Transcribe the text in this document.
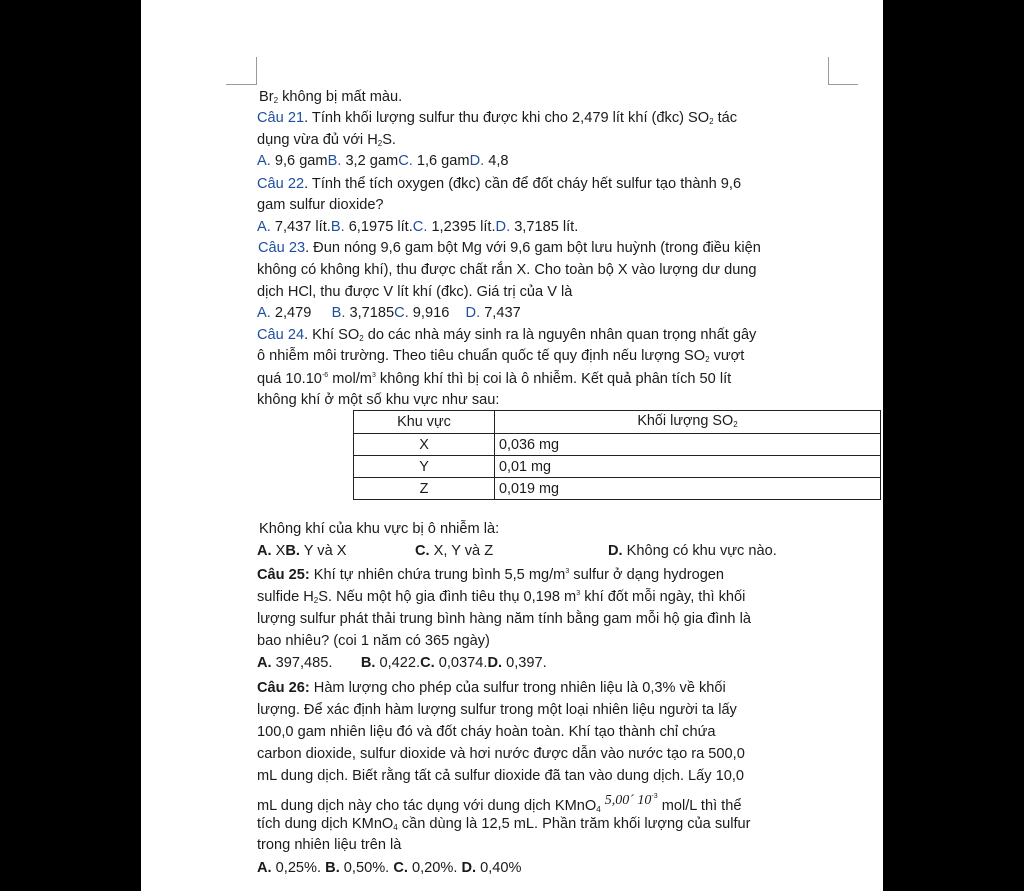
$Br_2$ không bị mất màu.
Câu 21. Tính khối lượng sulfur thu được khi cho 2,479 lít khí (đkc) $SO_2$ tác
dụng vừa đủ với $H_2S$.
A. 9,6 gamB. 3,2 gamC. 1,6 gamD. 4,8
Câu 22. Tính thể tích oxygen (đkc) cần để đốt cháy hết sulfur tạo thành 9,6
gam sulfur dioxide?
A. 7,437 lít.B. 6,1975 lít.C. 1,2395 lít.D. 3,7185 lít.
Câu 23. Đun nóng 9,6 gam bột Mg với 9,6 gam bột lưu huỳnh (trong điều kiện
không có không khí), thu được chất rắn X. Cho toàn bộ X vào lượng dư dung
dịch HCl, thu được V lít khí (đkc). Giá trị của V là
A. 2,479 B. 3,7185C. 9,916 D. 7,437
Câu 24. Khí $SO_2$ do các nhà máy sinh ra là nguyên nhân quan trọng nhất gây
ô nhiễm môi trường. Theo tiêu chuẩn quốc tế quy định nếu lượng $SO_2$ vượt
quá $10.10^{-6}$ mol/$m^3$ không khí thì bị coi là ô nhiễm. Kết quả phân tích 50 lít
không khí ở một số khu vực như sau:
Khu vực	Khối lượng $SO_2$
X	0,036 mg
Y	0,01 mg
Z	0,019 mg
Không khí của khu vực bị ô nhiễm là:
A. XB. Y và X	C. X, Y và Z	D. Không có khu vực nào.
Câu 25: Khí tự nhiên chứa trung bình 5,5 $mg/m^3$ sulfur ở dạng hydrogen
sulfide $H_2S$. Nếu một hộ gia đình tiêu thụ 0,198 $m^3$ khí đốt mỗi ngày, thì khối
lượng sulfur phát thải trung bình hàng năm tính bằng gam mỗi hộ gia đình là
bao nhiêu? (coi 1 năm có 365 ngày)
A. 397,485. B. 0,422.C. 0,0374.D. 0,397.
Câu 26: Hàm lượng cho phép của sulfur trong nhiên liệu là 0,3% về khối
lượng. Để xác định hàm lượng sulfur trong một loại nhiên liệu người ta lấy
100,0 gam nhiên liệu đó và đốt cháy hoàn toàn. Khí tạo thành chỉ chứa
carbon dioxide, sulfur dioxide và hơi nước được dẫn vào nước tạo ra 500,0
mL dung dịch. Biết rằng tất cả sulfur dioxide đã tan vào dung dịch. Lấy 10,0
mL dung dịch này cho tác dụng với dung dịch KMnO$_4$ 5,00´ $10^{-3}$ mol/L thì thể
tích dung dịch KMnO$_4$ cần dùng là 12,5 mL. Phần trăm khối lượng của sulfur
trong nhiên liệu trên là
A. 0,25%. B. 0,50%. C. 0,20%. D. 0,40%
